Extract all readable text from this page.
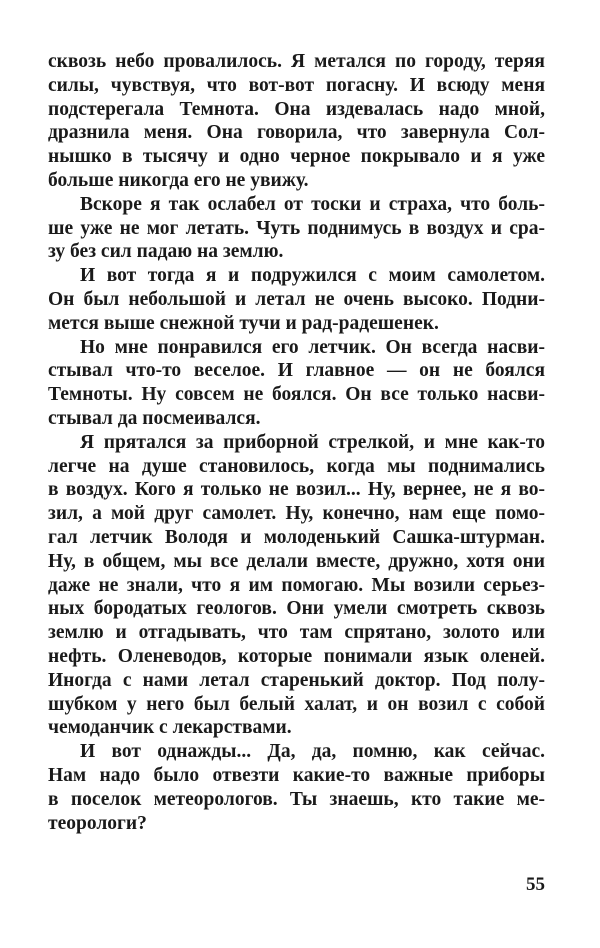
сквозь небо провалилось. Я метался по городу, теряя
силы, чувствуя, что вот-вот погасну. И всюду меня
подстерегала Темнота. Она издевалась надо мной,
дразнила меня. Она говорила, что завернула Сол-
нышко в тысячу и одно черное покрывало и я уже
больше никогда его не увижу.
Вскоре я так ослабел от тоски и страха, что боль-
ше уже не мог летать. Чуть поднимусь в воздух и сра-
зу без сил падаю на землю.
И вот тогда я и подружился с моим самолетом.
Он был небольшой и летал не очень высоко. Подни-
мется выше снежной тучи и рад-радешенек.
Но мне понравился его летчик. Он всегда насви-
стывал что-то веселое. И главное — он не боялся
Темноты. Ну совсем не боялся. Он все только насви-
стывал да посмеивался.
Я прятался за приборной стрелкой, и мне как-то
легче на душе становилось, когда мы поднимались
в воздух. Кого я только не возил... Ну, вернее, не я во-
зил, а мой друг самолет. Ну, конечно, нам еще помо-
гал летчик Володя и молоденький Сашка-штурман.
Ну, в общем, мы все делали вместе, дружно, хотя они
даже не знали, что я им помогаю. Мы возили серьез-
ных бородатых геологов. Они умели смотреть сквозь
землю и отгадывать, что там спрятано, золото или
нефть. Оленеводов, которые понимали язык оленей.
Иногда с нами летал старенький доктор. Под полу-
шубком у него был белый халат, и он возил с собой
чемоданчик с лекарствами.
И вот однажды... Да, да, помню, как сейчас.
Нам надо было отвезти какие-то важные приборы
в поселок метеорологов. Ты знаешь, кто такие ме-
теорологи?
55
